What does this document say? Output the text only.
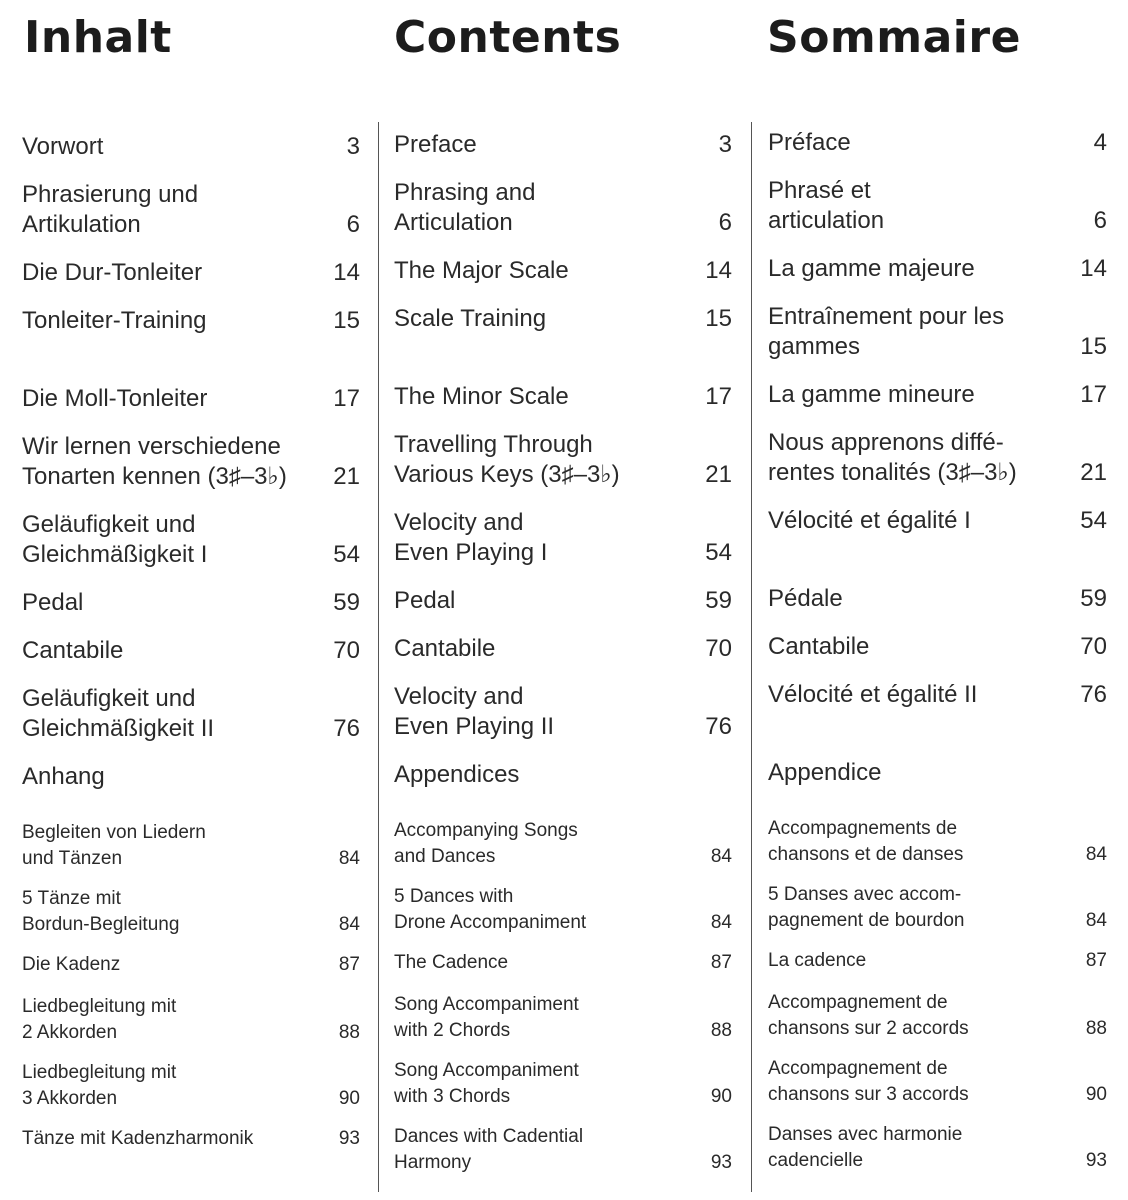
Inhalt	Contents	Sommaire
Vorwort	3
Phrasierung und
Artikulation	6
Die Dur-Tonleiter	14
Tonleiter-Training	15
Die Moll-Tonleiter	17
Wir lernen verschiedene
Tonarten kennen (3♯–3♭)	21
Geläufigkeit und
Gleichmäßigkeit I	54
Pedal	59
Cantabile	70
Geläufigkeit und
Gleichmäßigkeit II	76
Anhang
Begleiten von Liedern
und Tänzen	84
5 Tänze mit
Bordun-Begleitung	84
Die Kadenz	87
Liedbegleitung mit
2 Akkorden	88
Liedbegleitung mit
3 Akkorden	90
Tänze mit Kadenzharmonik	93
Preface	3
Phrasing and
Articulation	6
The Major Scale	14
Scale Training	15
The Minor Scale	17
Travelling Through
Various Keys (3♯–3♭)	21
Velocity and
Even Playing I	54
Pedal	59
Cantabile	70
Velocity and
Even Playing II	76
Appendices
Accompanying Songs
and Dances	84
5 Dances with
Drone Accompaniment	84
The Cadence	87
Song Accompaniment
with 2 Chords	88
Song Accompaniment
with 3 Chords	90
Dances with Cadential
Harmony	93
Préface	4
Phrasé et
articulation	6
La gamme majeure	14
Entraînement pour les
gammes	15
La gamme mineure	17
Nous apprenons diffé-
rentes tonalités (3♯–3♭)	21
Vélocité et égalité I	54
Pédale	59
Cantabile	70
Vélocité et égalité II	76
Appendice
Accompagnements de
chansons et de danses	84
5 Danses avec accom-
pagnement de bourdon	84
La cadence	87
Accompagnement de
chansons sur 2 accords	88
Accompagnement de
chansons sur 3 accords	90
Danses avec harmonie
cadencielle	93
